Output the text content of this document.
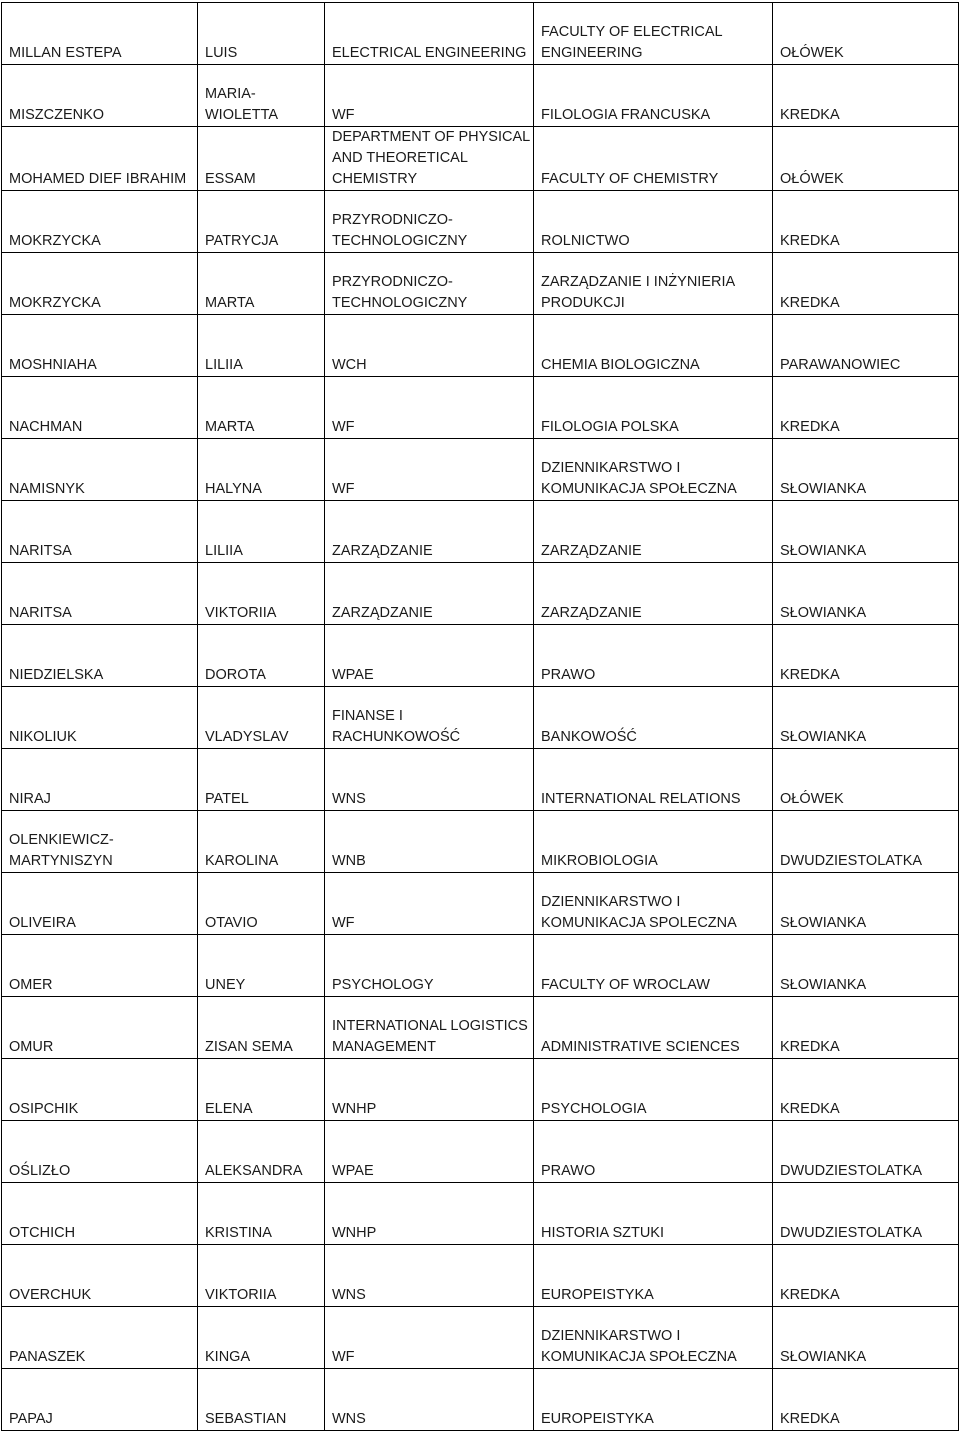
MILLAN ESTEPA	LUIS	ELECTRICAL ENGINEERING	FACULTY OF ELECTRICAL
ENGINEERING	OŁÓWEK
MISZCZENKO	MARIA-
WIOLETTA	WF	FILOLOGIA FRANCUSKA	KREDKA
MOHAMED DIEF IBRAHIM	ESSAM	DEPARTMENT OF PHYSICAL
AND THEORETICAL
CHEMISTRY	FACULTY OF CHEMISTRY	OŁÓWEK
MOKRZYCKA	PATRYCJA	PRZYRODNICZO-
TECHNOLOGICZNY	ROLNICTWO	KREDKA
MOKRZYCKA	MARTA	PRZYRODNICZO-
TECHNOLOGICZNY	ZARZĄDZANIE I INŻYNIERIA
PRODUKCJI	KREDKA
MOSHNIAHA	LILIIA	WCH	CHEMIA BIOLOGICZNA	PARAWANOWIEC
NACHMAN	MARTA	WF	FILOLOGIA POLSKA	KREDKA
NAMISNYK	HALYNA	WF	DZIENNIKARSTWO I
KOMUNIKACJA SPOŁECZNA	SŁOWIANKA
NARITSA	LILIIA	ZARZĄDZANIE	ZARZĄDZANIE	SŁOWIANKA
NARITSA	VIKTORIIA	ZARZĄDZANIE	ZARZĄDZANIE	SŁOWIANKA
NIEDZIELSKA	DOROTA	WPAE	PRAWO	KREDKA
NIKOLIUK	VLADYSLAV	FINANSE I
RACHUNKOWOŚĆ	BANKOWOŚĆ	SŁOWIANKA
NIRAJ	PATEL	WNS	INTERNATIONAL RELATIONS	OŁÓWEK
OLENKIEWICZ-
MARTYNISZYN	KAROLINA	WNB	MIKROBIOLOGIA	DWUDZIESTOLATKA
OLIVEIRA	OTAVIO	WF	DZIENNIKARSTWO I
KOMUNIKACJA SPOLECZNA	SŁOWIANKA
OMER	UNEY	PSYCHOLOGY	FACULTY OF WROCLAW	SŁOWIANKA
OMUR	ZISAN SEMA	INTERNATIONAL LOGISTICS
MANAGEMENT	ADMINISTRATIVE SCIENCES	KREDKA
OSIPCHIK	ELENA	WNHP	PSYCHOLOGIA	KREDKA
OŚLIZŁO	ALEKSANDRA	WPAE	PRAWO	DWUDZIESTOLATKA
OTCHICH	KRISTINA	WNHP	HISTORIA SZTUKI	DWUDZIESTOLATKA
OVERCHUK	VIKTORIIA	WNS	EUROPEISTYKA	KREDKA
PANASZEK	KINGA	WF	DZIENNIKARSTWO I
KOMUNIKACJA SPOŁECZNA	SŁOWIANKA
PAPAJ	SEBASTIAN	WNS	EUROPEISTYKA	KREDKA
